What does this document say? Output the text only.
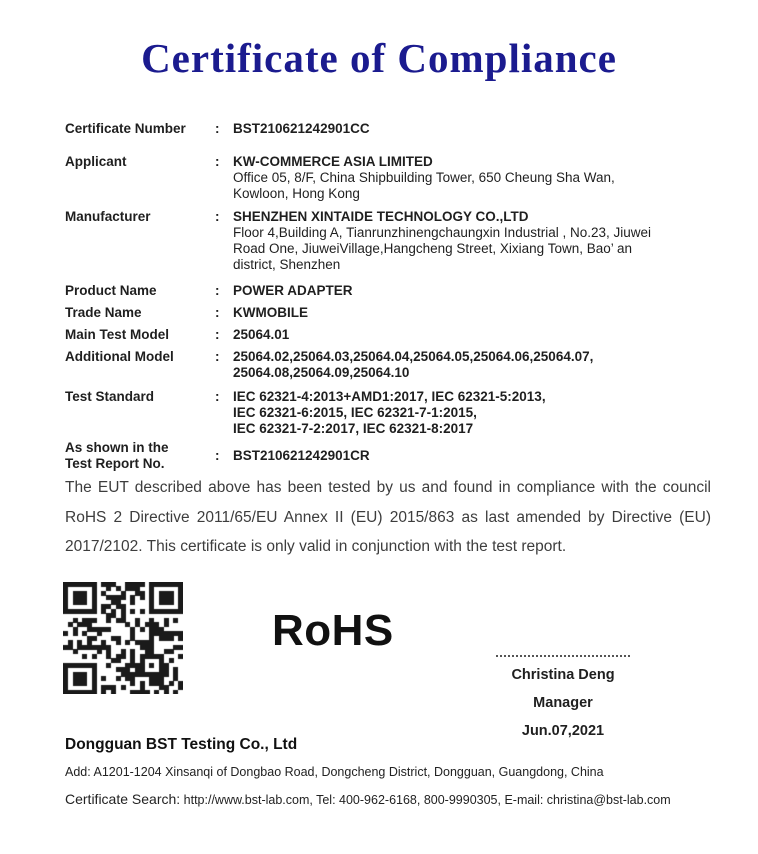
Certificate of Compliance
Certificate Number	:	BST210621242901CC
Applicant	:	KW-COMMERCE ASIA LIMITED
Office 05, 8/F, China Shipbuilding Tower, 650 Cheung Sha Wan,
Kowloon, Hong Kong
Manufacturer	:	SHENZHEN XINTAIDE TECHNOLOGY CO.,LTD
Floor 4,Building A, Tianrunzhinengchaungxin Industrial , No.23, Jiuwei
Road One, JiuweiVillage,Hangcheng Street, Xixiang Town, Bao’ an
district, Shenzhen
Product Name	:	POWER ADAPTER
Trade Name	:	KWMOBILE
Main Test Model	:	25064.01
Additional Model	:	25064.02,25064.03,25064.04,25064.05,25064.06,25064.07,
25064.08,25064.09,25064.10
Test Standard	:	IEC 62321-4:2013+AMD1:2017, IEC 62321-5:2013,
IEC 62321-6:2015, IEC 62321-7-1:2015,
IEC 62321-7-2:2017, IEC 62321-8:2017
As shown in the
Test Report No.
:	BST210621242901CR
The EUT described above has been tested by us and found in compliance with the council RoHS 2 Directive 2011/65/EU Annex II (EU) 2015/863 as last amended by Directive (EU) 2017/2102. This certificate is only valid in conjunction with the test report.
RoHS
Christina Deng
Manager
Jun.07,2021
Dongguan BST Testing Co., Ltd
Add: A1201-1204 Xinsanqi of Dongbao Road, Dongcheng District, Dongguan, Guangdong, China
Certificate Search: http://www.bst-lab.com, Tel: 400-962-6168, 800-9990305, E-mail: christina@bst-lab.com
